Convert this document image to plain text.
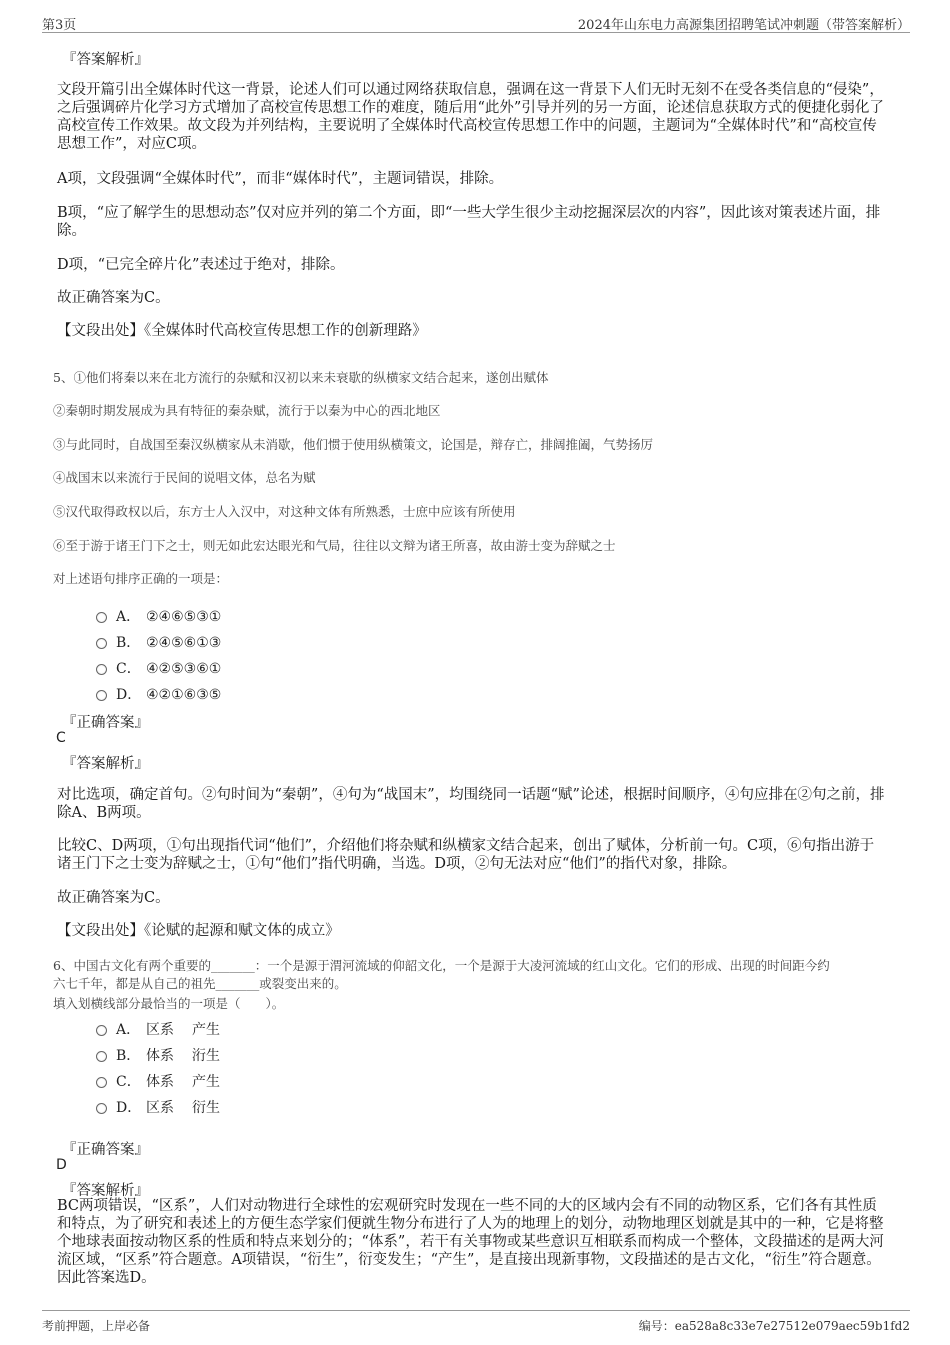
第3页	2024年山东电力高源集团招聘笔试冲刺题（带答案解析）
『答案解析』
文段开篇引出全媒体时代这一背景，论述人们可以通过网络获取信息，强调在这一背景下人们无时无刻不在受各类信息的“侵染”，之后强调碎片化学习方式增加了高校宣传思想工作的难度，随后用“此外”引导并列的另一方面，论述信息获取方式的便捷化弱化了高校宣传工作效果。故文段为并列结构，主要说明了全媒体时代高校宣传思想工作中的问题，主题词为“全媒体时代”和“高校宣传思想工作”，对应C项。
A项，文段强调“全媒体时代”，而非“媒体时代”，主题词错误，排除。
B项，“应了解学生的思想动态”仅对应并列的第二个方面，即“一些大学生很少主动挖掘深层次的内容”，因此该对策表述片面，排除。
D项，“已完全碎片化”表述过于绝对，排除。
故正确答案为C。
【文段出处】《全媒体时代高校宣传思想工作的创新理路》
5、①他们将秦以来在北方流行的杂赋和汉初以来未衰歇的纵横家文结合起来，遂创出赋体
②秦朝时期发展成为具有特征的秦杂赋，流行于以秦为中心的西北地区
③与此同时，自战国至秦汉纵横家从未消歇，他们惯于使用纵横策文，论国是，辩存亡，排阔推阖，气势扬厉
④战国末以来流行于民间的说唱文体，总名为赋
⑤汉代取得政权以后，东方士人入汉中，对这种文体有所熟悉，士庶中应该有所使用
⑥至于游于诸王门下之士，则无如此宏达眼光和气局，往往以文辩为诸王所喜，故由游士变为辞赋之士
对上述语句排序正确的一项是：
A． ②④⑥⑤③①
B． ②④⑤⑥①③
C． ④②⑤③⑥①
D． ④②①⑥③⑤
『正确答案』
C
『答案解析』
对比选项，确定首句。②句时间为“秦朝”，④句为“战国末”，均围绕同一话题“赋”论述，根据时间顺序，④句应排在②句之前，排除A、B两项。
比较C、D两项，①句出现指代词“他们”，介绍他们将杂赋和纵横家文结合起来，创出了赋体，分析前一句。C项，⑥句指出游于诸王门下之士变为辞赋之士，①句“他们”指代明确，当选。D项，②句无法对应“他们”的指代对象，排除。
故正确答案为C。
【文段出处】《论赋的起源和赋文体的成立》
6、中国古文化有两个重要的_______：一个是源于渭河流域的仰韶文化，一个是源于大凌河流域的红山文化。它们的形成、出现的时间距今约
六七千年，都是从自己的祖先_______或裂变出来的。
填入划横线部分最恰当的一项是（　　）。
A． 区系 产生
B． 体系 洐生
C． 体系 产生
D． 区系 衍生
『正确答案』
D
『答案解析』
BC两项错误，“区系”，人们对动物进行全球性的宏观研究时发现在一些不同的大的区域内会有不同的动物区系，它们各有其性质和特点，为了研究和表述上的方便生态学家们便就生物分布进行了人为的地理上的划分，动物地理区划就是其中的一种，它是将整个地球表面按动物区系的性质和特点来划分的；“体系”，若干有关事物或某些意识互相联系而构成一个整体，文段描述的是两大河流区域，“区系”符合题意。A项错误，“衍生”，衍变发生；“产生”，是直接出现新事物，文段描述的是古文化，“衍生”符合题意。因此答案选D。
考前押题，上岸必备	编号：ea528a8c33e7e27512e079aec59b1fd2
